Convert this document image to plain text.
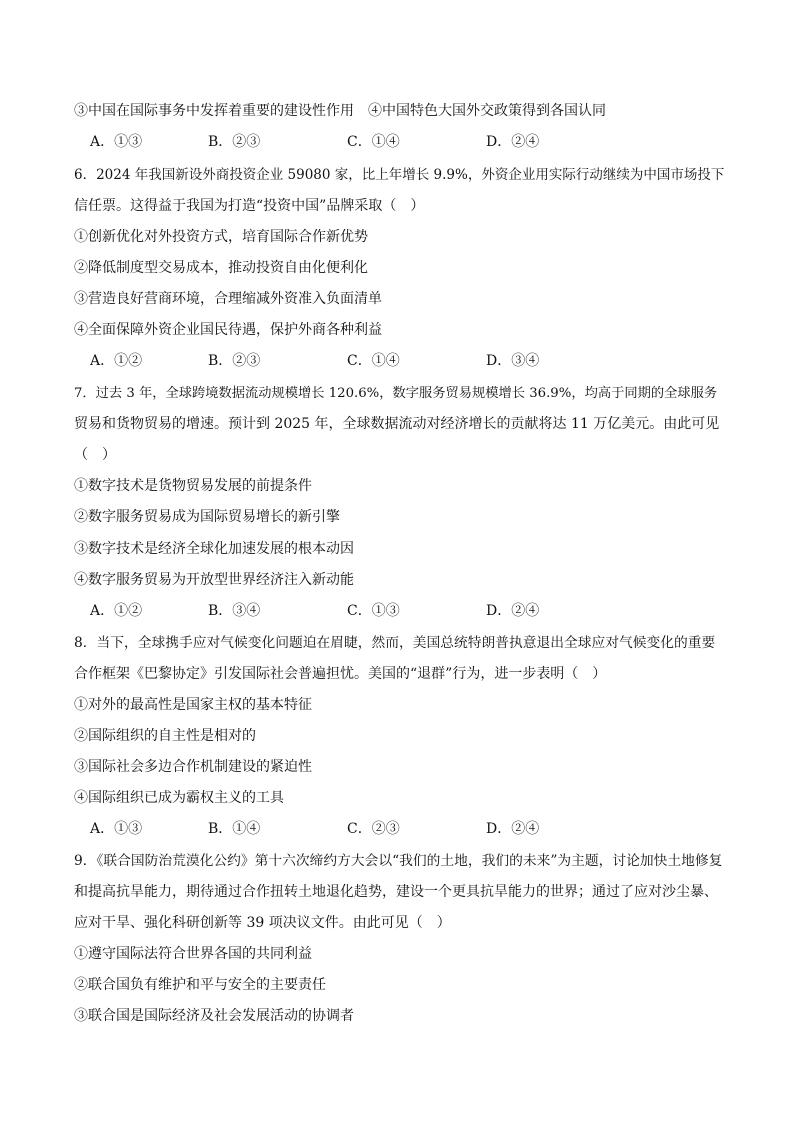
③中国在国际事务中发挥着重要的建设性作用　④中国特色大国外交政策得到各国认同
A．①③	B．②③	C．①④	D．②④
6．2024 年我国新设外商投资企业 59080 家，比上年增长 9.9%，外资企业用实际行动继续为中国市场投下
信任票。这得益于我国为打造“投资中国”品牌采取（　）
①创新优化对外投资方式，培育国际合作新优势
②降低制度型交易成本，推动投资自由化便利化
③营造良好营商环境，合理缩减外资准入负面清单
④全面保障外资企业国民待遇，保护外商各种利益
A．①②	B．②③	C．①④	D．③④
7．过去 3 年，全球跨境数据流动规模增长 120.6%，数字服务贸易规模增长 36.9%，均高于同期的全球服务
贸易和货物贸易的增速。预计到 2025 年，全球数据流动对经济增长的贡献将达 11 万亿美元。由此可见
（　）
①数字技术是货物贸易发展的前提条件
②数字服务贸易成为国际贸易增长的新引擎
③数字技术是经济全球化加速发展的根本动因
④数字服务贸易为开放型世界经济注入新动能
A．①②	B．③④	C．①③	D．②④
8．当下，全球携手应对气候变化问题迫在眉睫，然而，美国总统特朗普执意退出全球应对气候变化的重要
合作框架《巴黎协定》引发国际社会普遍担忧。美国的“退群”行为，进一步表明（　）
①对外的最高性是国家主权的基本特征
②国际组织的自主性是相对的
③国际社会多边合作机制建设的紧迫性
④国际组织已成为霸权主义的工具
A．①③	B．①④	C．②③	D．②④
9．《联合国防治荒漠化公约》第十六次缔约方大会以“我们的土地，我们的未来”为主题，讨论加快土地修复
和提高抗旱能力，期待通过合作扭转土地退化趋势，建设一个更具抗旱能力的世界；通过了应对沙尘暴、
应对干旱、强化科研创新等 39 项决议文件。由此可见（　）
①遵守国际法符合世界各国的共同利益
②联合国负有维护和平与安全的主要责任
③联合国是国际经济及社会发展活动的协调者
